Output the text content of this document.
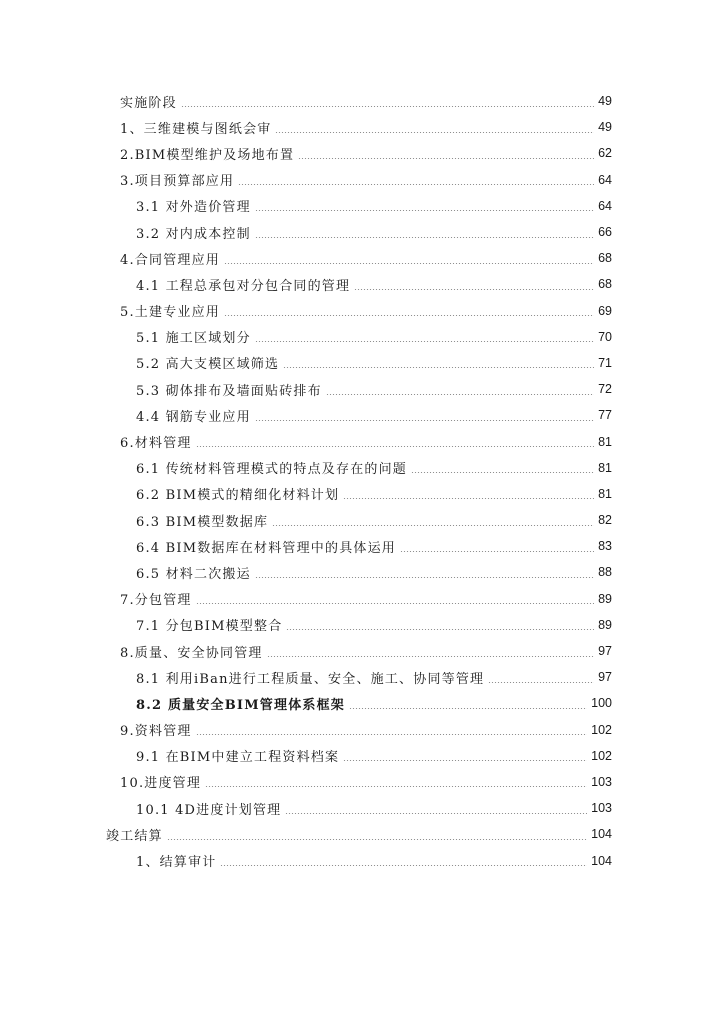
实施阶段	49
1、三维建模与图纸会审	49
2.BIM模型维护及场地布置	62
3.项目预算部应用	64
3.1 对外造价管理	64
3.2 对内成本控制	66
4.合同管理应用	68
4.1 工程总承包对分包合同的管理	68
5.土建专业应用	69
5.1 施工区域划分	70
5.2 高大支模区域筛选	71
5.3 砌体排布及墙面贴砖排布	72
4.4 钢筋专业应用	77
6.材料管理	81
6.1 传统材料管理模式的特点及存在的问题	81
6.2 BIM模式的精细化材料计划	81
6.3 BIM模型数据库	82
6.4 BIM数据库在材料管理中的具体运用	83
6.5 材料二次搬运	88
7.分包管理	89
7.1 分包BIM模型整合	89
8.质量、安全协同管理	97
8.1 利用iBan进行工程质量、安全、施工、协同等管理	97
8.2 质量安全BIM管理体系框架	100
9.资料管理	102
9.1 在BIM中建立工程资料档案	102
10.进度管理	103
10.1 4D进度计划管理	103
竣工结算	104
1、结算审计	104
